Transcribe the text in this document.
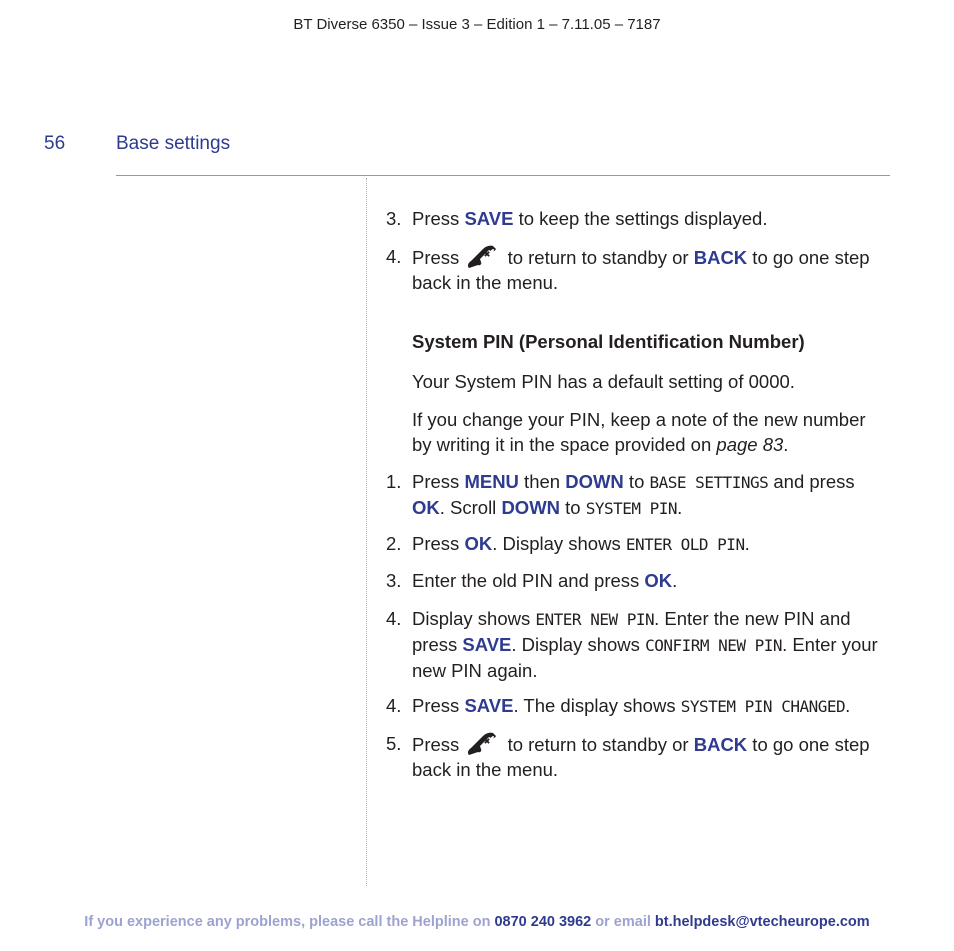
BT Diverse 6350 – Issue 3 – Edition 1 – 7.11.05 – 7187
56	Base settings
3. Press SAVE to keep the settings displayed.
4. Press  to return to standby or BACK to go one step back in the menu.
System PIN (Personal Identification Number)
Your System PIN has a default setting of 0000.
If you change your PIN, keep a note of the new number by writing it in the space provided on page 83.
1. Press MENU then DOWN to BASE SETTINGS and press OK. Scroll DOWN to SYSTEM PIN.
2. Press OK. Display shows ENTER OLD PIN.
3. Enter the old PIN and press OK.
4. Display shows ENTER NEW PIN. Enter the new PIN and press SAVE. Display shows CONFIRM NEW PIN. Enter your new PIN again.
4. Press SAVE. The display shows SYSTEM PIN CHANGED.
5. Press  to return to standby or BACK to go one step back in the menu.
If you experience any problems, please call the Helpline on 0870 240 3962 or email bt.helpdesk@vtecheurope.com
